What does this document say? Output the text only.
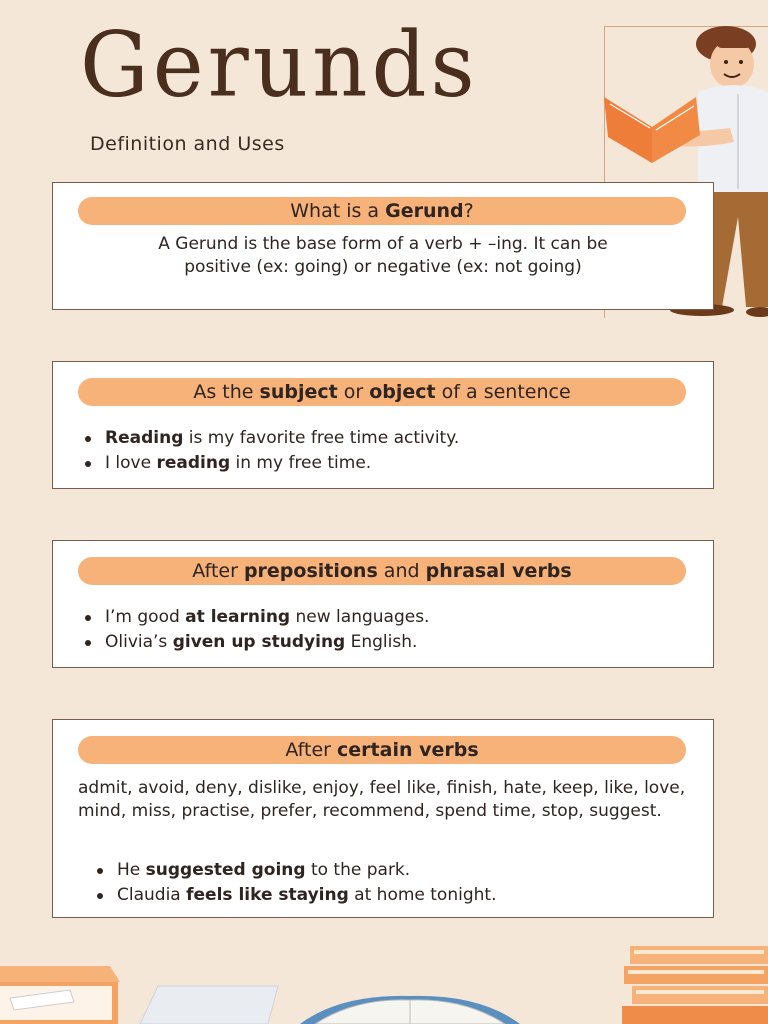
Gerunds
Definition and Uses
What is a Gerund?
A Gerund is the base form of a verb + –ing. It can be positive (ex: going) or negative (ex: not going)
As the subject or object of a sentence
Reading is my favorite free time activity.
I love reading in my free time.
After prepositions and phrasal verbs
I’m good at learning new languages.
Olivia’s given up studying English.
After certain verbs
admit, avoid, deny, dislike, enjoy, feel like, finish, hate, keep, like, love, mind, miss, practise, prefer, recommend, spend time, stop, suggest.
He suggested going to the park.
Claudia feels like staying at home tonight.
